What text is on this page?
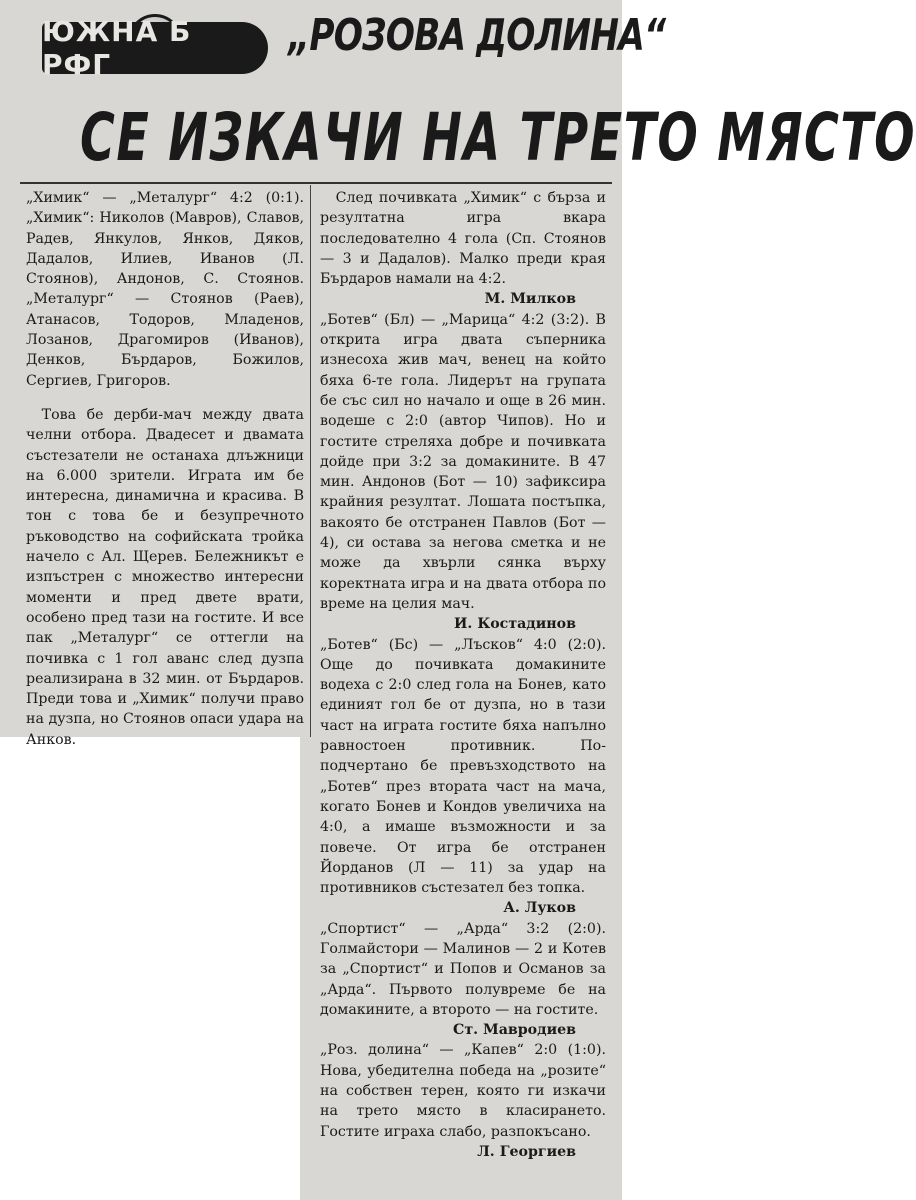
ЮЖНА Б РФГ
„РОЗОВА ДОЛИНА“
СЕ ИЗКАЧИ НА ТРЕТО МЯСТО

„Химик“ — „Металург“ 4:2 (0:1). „Химик“: Николов (Мавров), Славов, Радев, Янкулов, Янков, Дяков, Дадалов, Илиев, Иванов (Л. Стоянов), Андонов, С. Стоянов. „Металург“ — Стоянов (Раев), Атанасов, Тодоров, Младенов, Лозанов, Драгомиров (Иванов), Денков, Бърдаров, Божилов, Сергиев, Григоров.

Това бе дерби-мач между двата челни отбора. Двадесет и двамата състезатели не останаха длъжници на 6.000 зрители. Играта им бе интересна, динамична и красива. В тон с това бе и безупречното ръководство на софийската тройка начело с Ал. Щерев. Бележникът е изпъстрен с множество интересни моменти и пред двете врати, особено пред тази на гостите. И все пак „Металург“ се оттегли на почивка с 1 гол аванс след дузпа реализирана в 32 мин. от Бърдаров. Преди това и „Химик“ получи право на дузпа, но Стоянов опаси удара на Анков.

След почивката „Химик“ с бърза и резултатна игра вкара последователно 4 гола (Сп. Стоянов — 3 и Дадалов). Малко преди края Бърдаров намали на 4:2.

М. Милков

„Ботев“ (Бл) — „Марица“ 4:2 (3:2). В открита игра двата съперника изнесоха жив мач, венец на който бяха 6-те гола. Лидерът на групата бе със сил но начало и още в 26 мин. водеше с 2:0 (автор Чипов). Но и гостите стреляха добре и почивката дойде при 3:2 за домакините. В 47 мин. Андонов (Бот — 10) зафиксира крайния резултат. Лошата постъпка, вакоято бе отстранен Павлов (Бот — 4), си остава за негова сметка и не може да хвърли сянка върху коректната игра и на двата отбора по време на целия мач.

И. Костадинов

„Ботев“ (Бс) — „Лъсков“ 4:0 (2:0). Още до почивката домакините водеха с 2:0 след гола на Бонев, като единият гол бе от дузпа, но в тази част на играта гостите бяха напълно равностоен противник. По-подчертано бе превъзходството на „Ботев“ през втората част на мача, когато Бонев и Кондов увеличиха на 4:0, а имаше възможности и за повече. От игра бе отстранен Йорданов (Л — 11) за удар на противников състезател без топка.

А. Луков

„Спортист“ — „Арда“ 3:2 (2:0). Голмайстори — Малинов — 2 и Котев за „Спортист“ и Попов и Османов за „Арда“. Първото полувреме бе на домакините, а второто — на гостите.

Ст. Мавродиев

„Роз. долина“ — „Капев“ 2:0 (1:0). Нова, убедителна победа на „розите“ на собствен терен, която ги изкачи на трето място в класирането. Гостите играха слабо, разпокъсано.

Л. Георгиев
